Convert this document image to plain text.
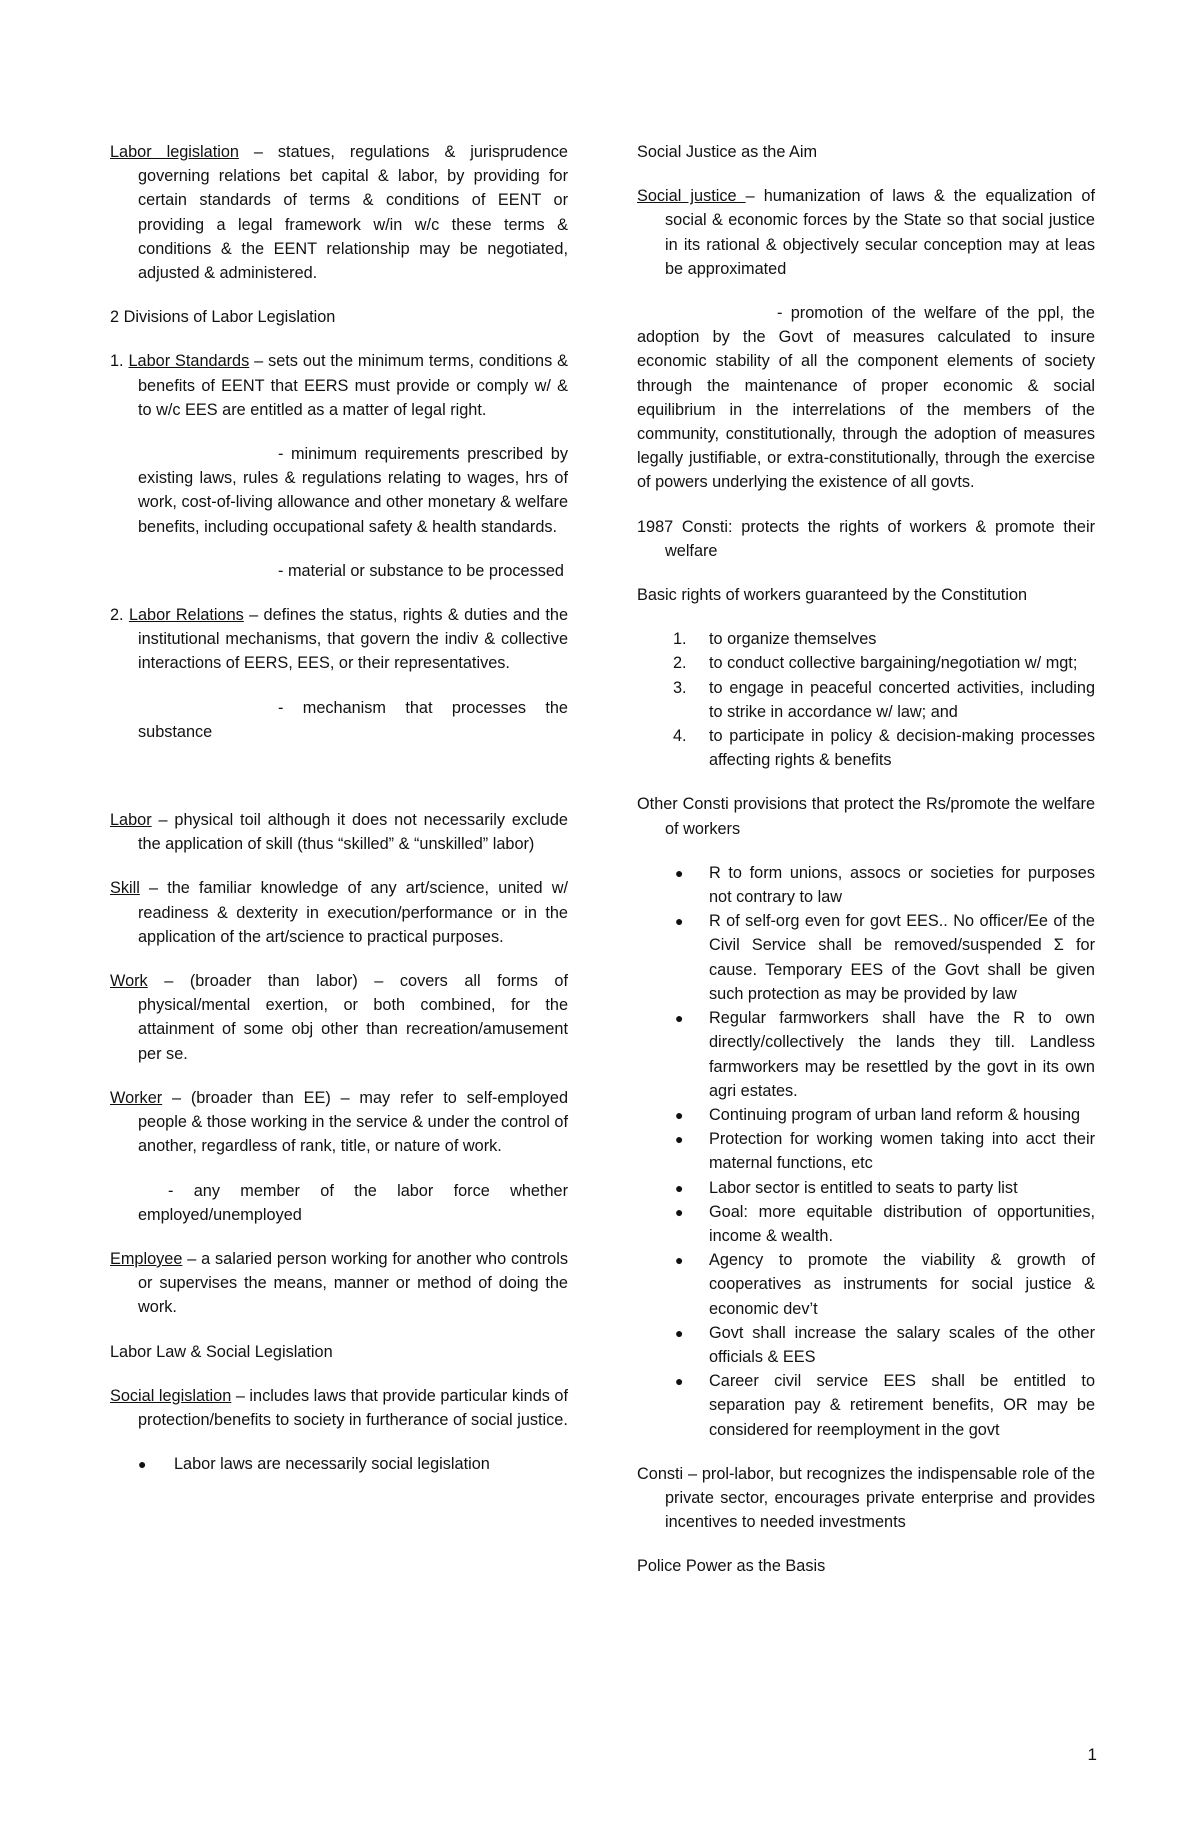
Labor legislation – statues, regulations & jurisprudence governing relations bet capital & labor, by providing for certain standards of terms & conditions of EENT or providing a legal framework w/in w/c these terms & conditions & the EENT relationship may be negotiated, adjusted & administered.

2 Divisions of Labor Legislation

1. Labor Standards – sets out the minimum terms, conditions & benefits of EENT that EERS must provide or comply w/ & to w/c EES are entitled as a matter of legal right.

- minimum requirements prescribed by existing laws, rules & regulations relating to wages, hrs of work, cost-of-living allowance and other monetary & welfare benefits, including occupational safety & health standards.

- material or substance to be processed

2. Labor Relations – defines the status, rights & duties and the institutional mechanisms, that govern the indiv & collective interactions of EERS, EES, or their representatives.

- mechanism that processes the substance

Labor – physical toil although it does not necessarily exclude the application of skill (thus “skilled” & “unskilled” labor)

Skill – the familiar knowledge of any art/science, united w/ readiness & dexterity in execution/performance or in the application of the art/science to practical purposes.

Work – (broader than labor) – covers all forms of physical/mental exertion, or both combined, for the attainment of some obj other than recreation/amusement per se.

Worker – (broader than EE) – may refer to self-employed people & those working in the service & under the control of another, regardless of rank, title, or nature of work.

- any member of the labor force whether employed/unemployed

Employee – a salaried person working for another who controls or supervises the means, manner or method of doing the work.

Labor Law & Social Legislation

Social legislation – includes laws that provide particular kinds of protection/benefits to society in furtherance of social justice.

● Labor laws are necessarily social legislation

Social Justice as the Aim

Social justice – humanization of laws & the equalization of social & economic forces by the State so that social justice in its rational & objectively secular conception may at leas be approximated

- promotion of the welfare of the ppl, the adoption by the Govt of measures calculated to insure economic stability of all the component elements of society through the maintenance of proper economic & social equilibrium in the interrelations of the members of the community, constitutionally, through the adoption of measures legally justifiable, or extra-constitutionally, through the exercise of powers underlying the existence of all govts.

1987 Consti: protects the rights of workers & promote their welfare

Basic rights of workers guaranteed by the Constitution

1. to organize themselves
2. to conduct collective bargaining/negotiation w/ mgt;
3. to engage in peaceful concerted activities, including to strike in accordance w/ law; and
4. to participate in policy & decision-making processes affecting rights & benefits

Other Consti provisions that protect the Rs/promote the welfare of workers

● R to form unions, assocs or societies for purposes not contrary to law
● R of self-org even for govt EES.. No officer/Ee of the Civil Service shall be removed/suspended Σ for cause. Temporary EES of the Govt shall be given such protection as may be provided by law
● Regular farmworkers shall have the R to own directly/collectively the lands they till. Landless farmworkers may be resettled by the govt in its own agri estates.
● Continuing program of urban land reform & housing
● Protection for working women taking into acct their maternal functions, etc
● Labor sector is entitled to seats to party list
● Goal: more equitable distribution of opportunities, income & wealth.
● Agency to promote the viability & growth of cooperatives as instruments for social justice & economic dev’t
● Govt shall increase the salary scales of the other officials & EES
● Career civil service EES shall be entitled to separation pay & retirement benefits, OR may be considered for reemployment in the govt

Consti – prol-labor, but recognizes the indispensable role of the private sector, encourages private enterprise and provides incentives to needed investments

Police Power as the Basis

1
